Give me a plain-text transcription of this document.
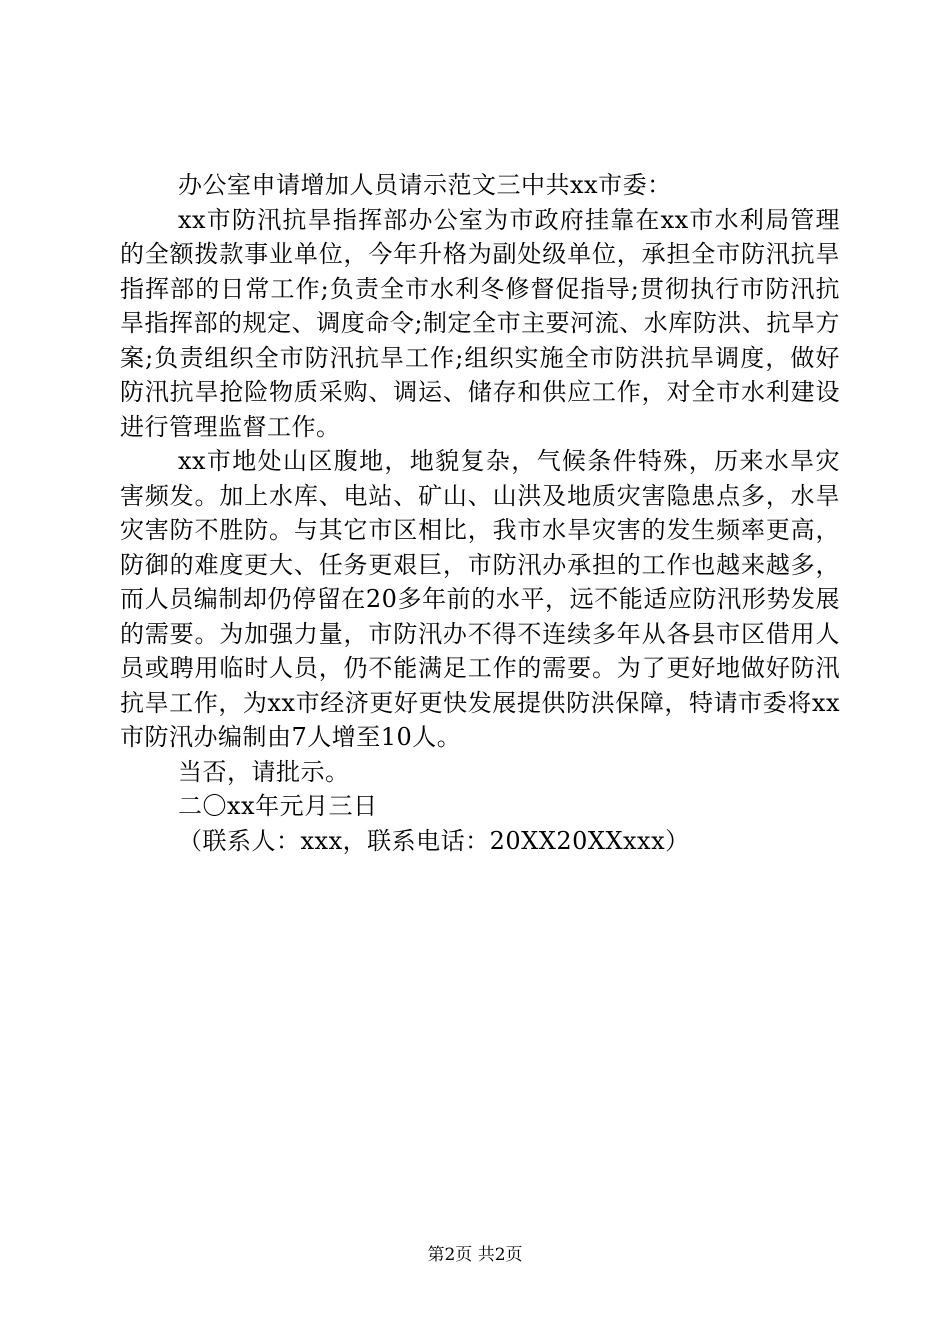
办公室申请增加人员请示范文三中共xx市委：

xx市防汛抗旱指挥部办公室为市政府挂靠在xx市水利局管理的全额拨款事业单位，今年升格为副处级单位，承担全市防汛抗旱指挥部的日常工作;负责全市水利冬修督促指导;贯彻执行市防汛抗旱指挥部的规定、调度命令;制定全市主要河流、水库防洪、抗旱方案;负责组织全市防汛抗旱工作;组织实施全市防洪抗旱调度，做好防汛抗旱抢险物质采购、调运、储存和供应工作，对全市水利建设进行管理监督工作。

xx市地处山区腹地，地貌复杂，气候条件特殊，历来水旱灾害频发。加上水库、电站、矿山、山洪及地质灾害隐患点多，水旱灾害防不胜防。与其它市区相比，我市水旱灾害的发生频率更高，防御的难度更大、任务更艰巨，市防汛办承担的工作也越来越多，而人员编制却仍停留在20多年前的水平，远不能适应防汛形势发展的需要。为加强力量，市防汛办不得不连续多年从各县市区借用人员或聘用临时人员，仍不能满足工作的需要。为了更好地做好防汛抗旱工作，为xx市经济更好更快发展提供防洪保障，特请市委将xx市防汛办编制由7人增至10人。

当否，请批示。

二〇xx年元月三日

（联系人：xxx，联系电话：20XX20XXxxx）

第2页 共2页
